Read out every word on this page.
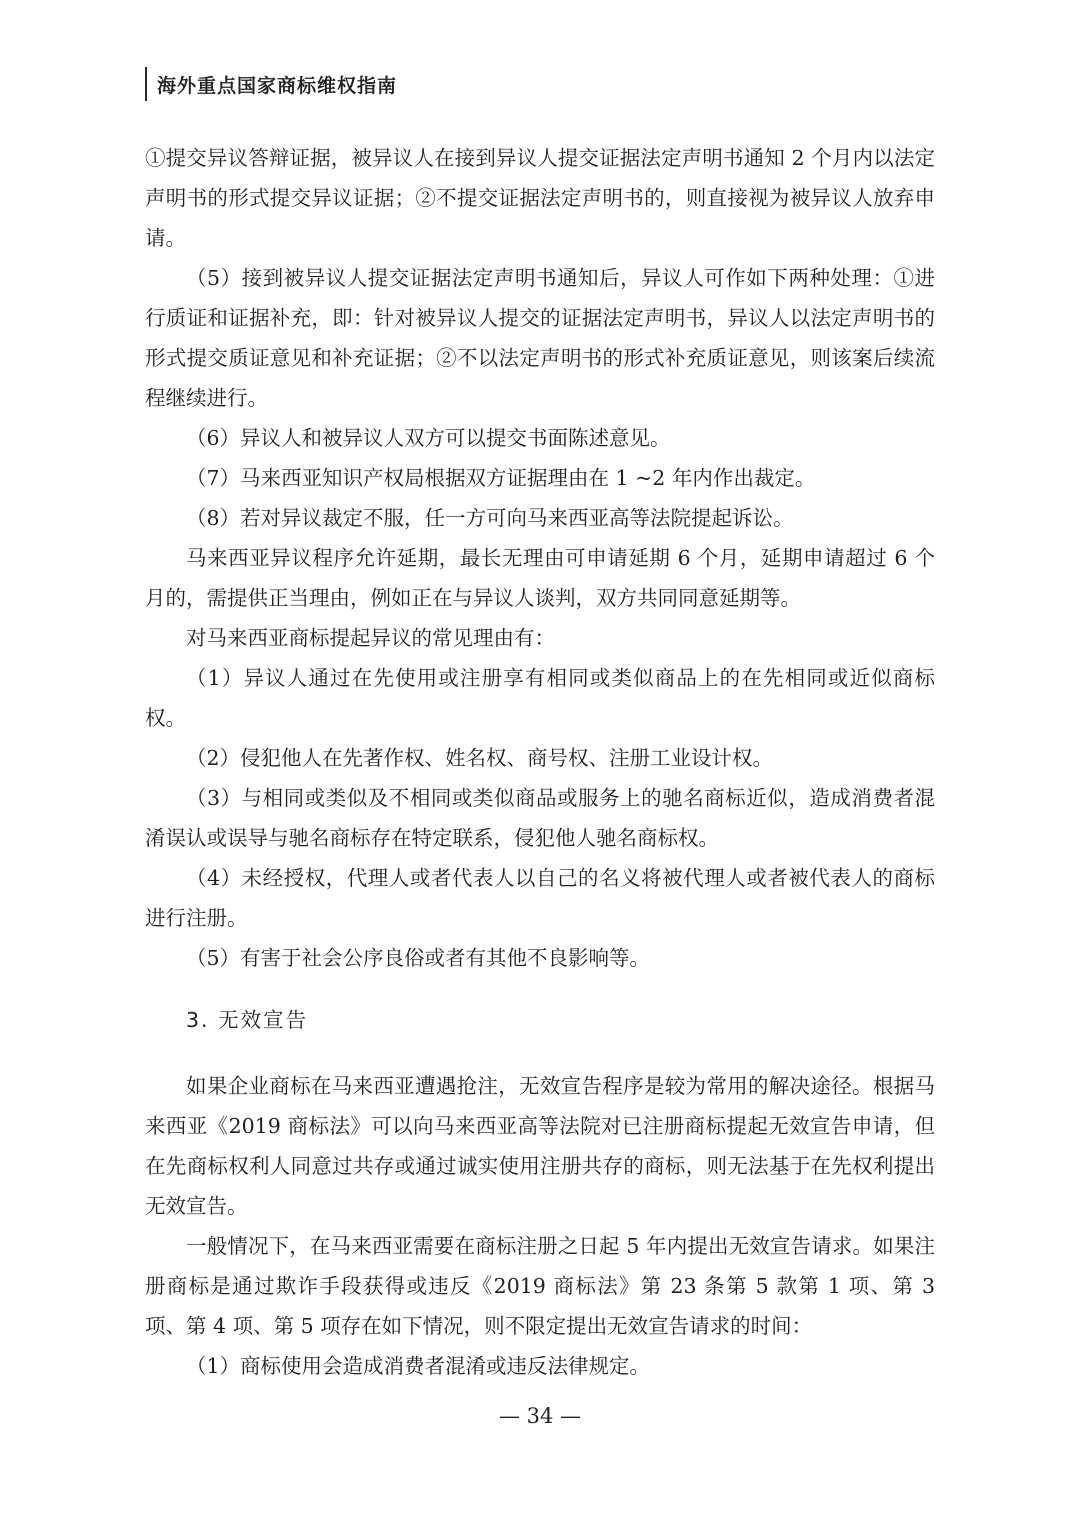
海外重点国家商标维权指南

①提交异议答辩证据，被异议人在接到异议人提交证据法定声明书通知 2 个月内以法定声明书的形式提交异议证据；②不提交证据法定声明书的，则直接视为被异议人放弃申请。

（5）接到被异议人提交证据法定声明书通知后，异议人可作如下两种处理：①进行质证和证据补充，即：针对被异议人提交的证据法定声明书，异议人以法定声明书的形式提交质证意见和补充证据；②不以法定声明书的形式补充质证意见，则该案后续流程继续进行。

（6）异议人和被异议人双方可以提交书面陈述意见。

（7）马来西亚知识产权局根据双方证据理由在 1 ~2 年内作出裁定。

（8）若对异议裁定不服，任一方可向马来西亚高等法院提起诉讼。

马来西亚异议程序允许延期，最长无理由可申请延期 6 个月，延期申请超过 6 个月的，需提供正当理由，例如正在与异议人谈判，双方共同同意延期等。

对马来西亚商标提起异议的常见理由有：

（1）异议人通过在先使用或注册享有相同或类似商品上的在先相同或近似商标权。

（2）侵犯他人在先著作权、姓名权、商号权、注册工业设计权。

（3）与相同或类似及不相同或类似商品或服务上的驰名商标近似，造成消费者混淆误认或误导与驰名商标存在特定联系，侵犯他人驰名商标权。

（4）未经授权，代理人或者代表人以自己的名义将被代理人或者被代表人的商标进行注册。

（5）有害于社会公序良俗或者有其他不良影响等。

3. 无效宣告

如果企业商标在马来西亚遭遇抢注，无效宣告程序是较为常用的解决途径。根据马来西亚《2019 商标法》可以向马来西亚高等法院对已注册商标提起无效宣告申请，但在先商标权利人同意过共存或通过诚实使用注册共存的商标，则无法基于在先权利提出无效宣告。

一般情况下，在马来西亚需要在商标注册之日起 5 年内提出无效宣告请求。如果注册商标是通过欺诈手段获得或违反《2019 商标法》第 23 条第 5 款第 1 项、第 3 项、第 4 项、第 5 项存在如下情况，则不限定提出无效宣告请求的时间：

（1）商标使用会造成消费者混淆或违反法律规定。

— 34 —
